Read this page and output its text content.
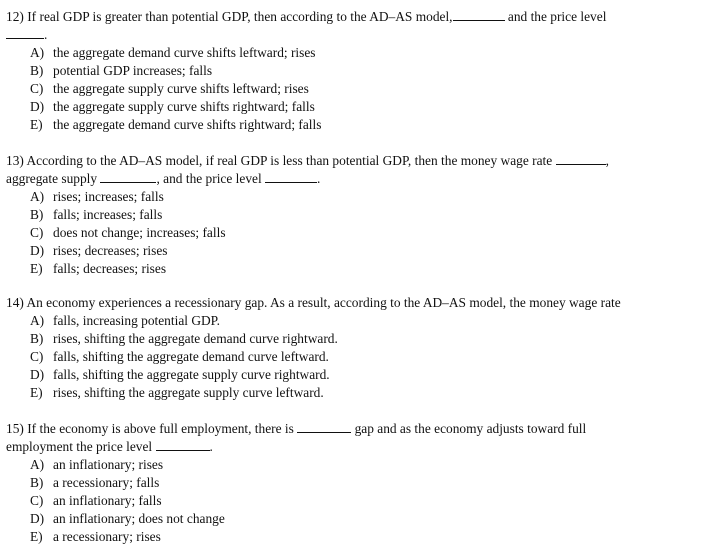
12) If real GDP is greater than potential GDP, then according to the AD–AS model,	and the price level
.
A) the aggregate demand curve shifts leftward; rises
B) potential GDP increases; falls
C) the aggregate supply curve shifts leftward; rises
D) the aggregate supply curve shifts rightward; falls
E) the aggregate demand curve shifts rightward; falls
13) According to the AD–AS model, if real GDP is less than potential GDP, then the money wage rate	,
aggregate supply	, and the price level	.
A) rises; increases; falls
B) falls; increases; falls
C) does not change; increases; falls
D) rises; decreases; rises
E) falls; decreases; rises
14) An economy experiences a recessionary gap. As a result, according to the AD–AS model, the money wage rate
A) falls, increasing potential GDP.
B) rises, shifting the aggregate demand curve rightward.
C) falls, shifting the aggregate demand curve leftward.
D) falls, shifting the aggregate supply curve rightward.
E) rises, shifting the aggregate supply curve leftward.
15) If the economy is above full employment, there is	gap and as the economy adjusts toward full
employment the price level	.
A) an inflationary; rises
B) a recessionary; falls
C) an inflationary; falls
D) an inflationary; does not change
E) a recessionary; rises
